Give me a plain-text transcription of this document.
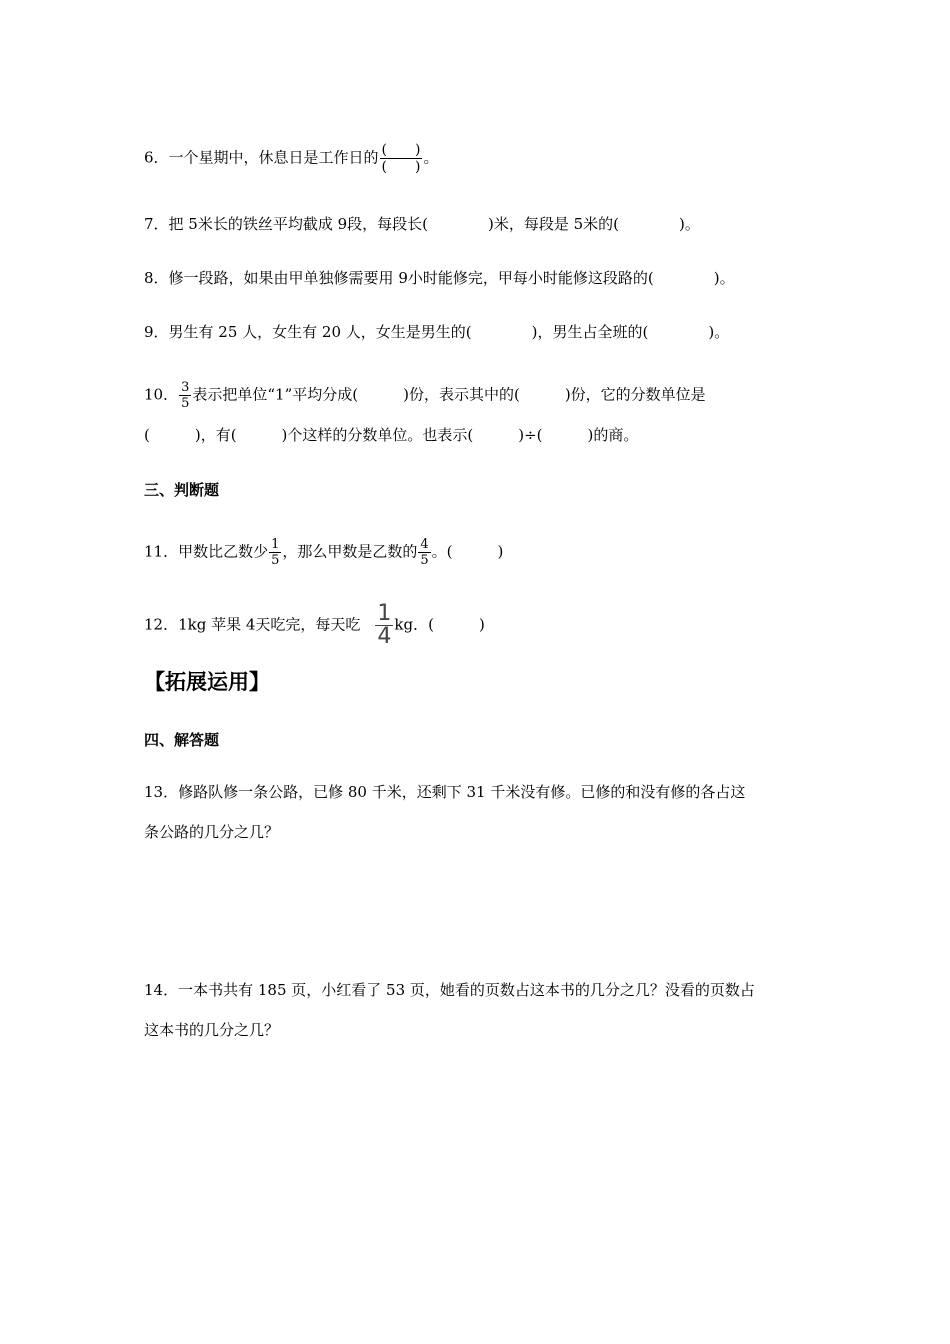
6．一个星期中，休息日是工作日的 $\frac{( )}{( )}$ 。
7．把 5米长的铁丝平均截成 9段，每段长(　　　　)米，每段是 5米的(　　　　)。
8．修一段路，如果由甲单独修需要用 9小时能修完，甲每小时能修这段路的(　　　　)。
9．男生有 25 人，女生有 20 人，女生是男生的(　　　　)，男生占全班的(　　　　)。
10． $\frac{3}{5}$ 表示把单位“1”平均分成(　　　)份，表示其中的(　　　)份，它的分数单位是
(　　　)，有(　　　)个这样的分数单位。也表示(　　　)÷(　　　)的商。
三、判断题
11．甲数比乙数少 $\frac{1}{5}$ ，那么甲数是乙数的 $\frac{4}{5}$ 。(　　　)
12．1kg 苹果 4天吃完，每天吃 $\frac{1}{4}$ kg．(　　　)
【拓展运用】
四、解答题
13．修路队修一条公路，已修 80 千米，还剩下 31 千米没有修。已修的和没有修的各占这
条公路的几分之几？
14．一本书共有 185 页，小红看了 53 页，她看的页数占这本书的几分之几？没看的页数占
这本书的几分之几？
